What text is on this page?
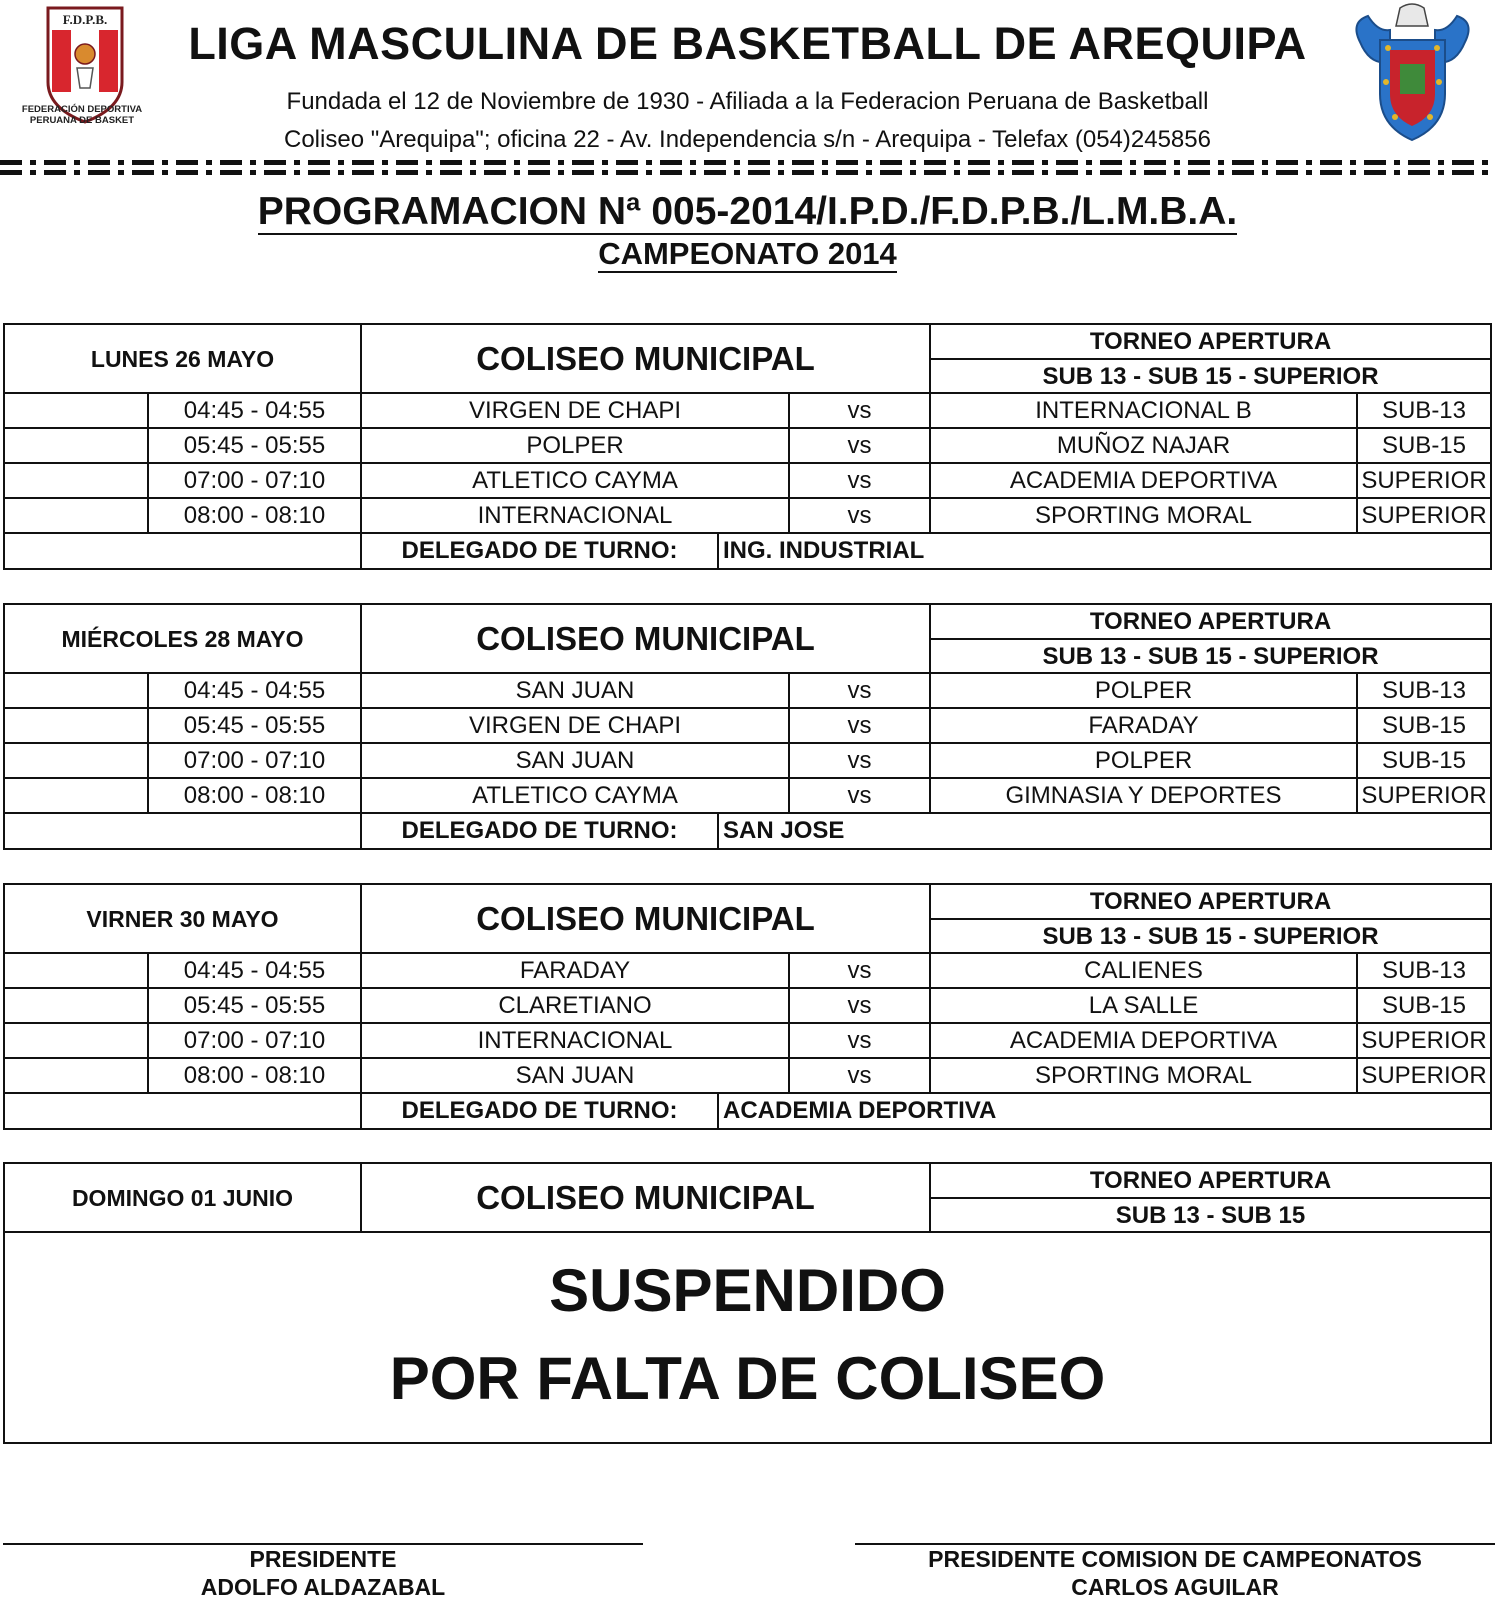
F.D.P.B.
FEDERACIÓN DEPORTIVA
PERUANA DE BASKET
LIGA MASCULINA DE BASKETBALL DE AREQUIPA
Fundada el 12 de Noviembre de 1930 - Afiliada a la Federacion Peruana de Basketball
Coliseo "Arequipa"; oficina 22 - Av. Independencia s/n - Arequipa - Telefax (054)245856
PROGRAMACION Nª 005-2014/I.P.D./F.D.P.B./L.M.B.A.
CAMPEONATO 2014
LUNES 26 MAYO	COLISEO MUNICIPAL	TORNEO APERTURA
SUB 13 - SUB 15 - SUPERIOR
04:45 - 04:55	VIRGEN DE CHAPI	vs	INTERNACIONAL B	SUB-13
05:45 - 05:55	POLPER	vs	MUÑOZ NAJAR	SUB-15
07:00 - 07:10	ATLETICO CAYMA	vs	ACADEMIA DEPORTIVA	SUPERIOR
08:00 - 08:10	INTERNACIONAL	vs	SPORTING MORAL	SUPERIOR
DELEGADO DE TURNO:	ING. INDUSTRIAL
MIÉRCOLES 28 MAYO	COLISEO MUNICIPAL	TORNEO APERTURA
SUB 13 - SUB 15 - SUPERIOR
04:45 - 04:55	SAN JUAN	vs	POLPER	SUB-13
05:45 - 05:55	VIRGEN DE CHAPI	vs	FARADAY	SUB-15
07:00 - 07:10	SAN JUAN	vs	POLPER	SUB-15
08:00 - 08:10	ATLETICO CAYMA	vs	GIMNASIA Y DEPORTES	SUPERIOR
DELEGADO DE TURNO:	SAN JOSE
VIRNER 30 MAYO	COLISEO MUNICIPAL	TORNEO APERTURA
SUB 13 - SUB 15 - SUPERIOR
04:45 - 04:55	FARADAY	vs	CALIENES	SUB-13
05:45 - 05:55	CLARETIANO	vs	LA SALLE	SUB-15
07:00 - 07:10	INTERNACIONAL	vs	ACADEMIA DEPORTIVA	SUPERIOR
08:00 - 08:10	SAN JUAN	vs	SPORTING MORAL	SUPERIOR
DELEGADO DE TURNO:	ACADEMIA DEPORTIVA
DOMINGO 01 JUNIO	COLISEO MUNICIPAL	TORNEO APERTURA
SUB 13 - SUB 15
SUSPENDIDO
POR FALTA DE COLISEO
PRESIDENTE
ADOLFO ALDAZABAL
PRESIDENTE COMISION DE CAMPEONATOS
CARLOS AGUILAR
